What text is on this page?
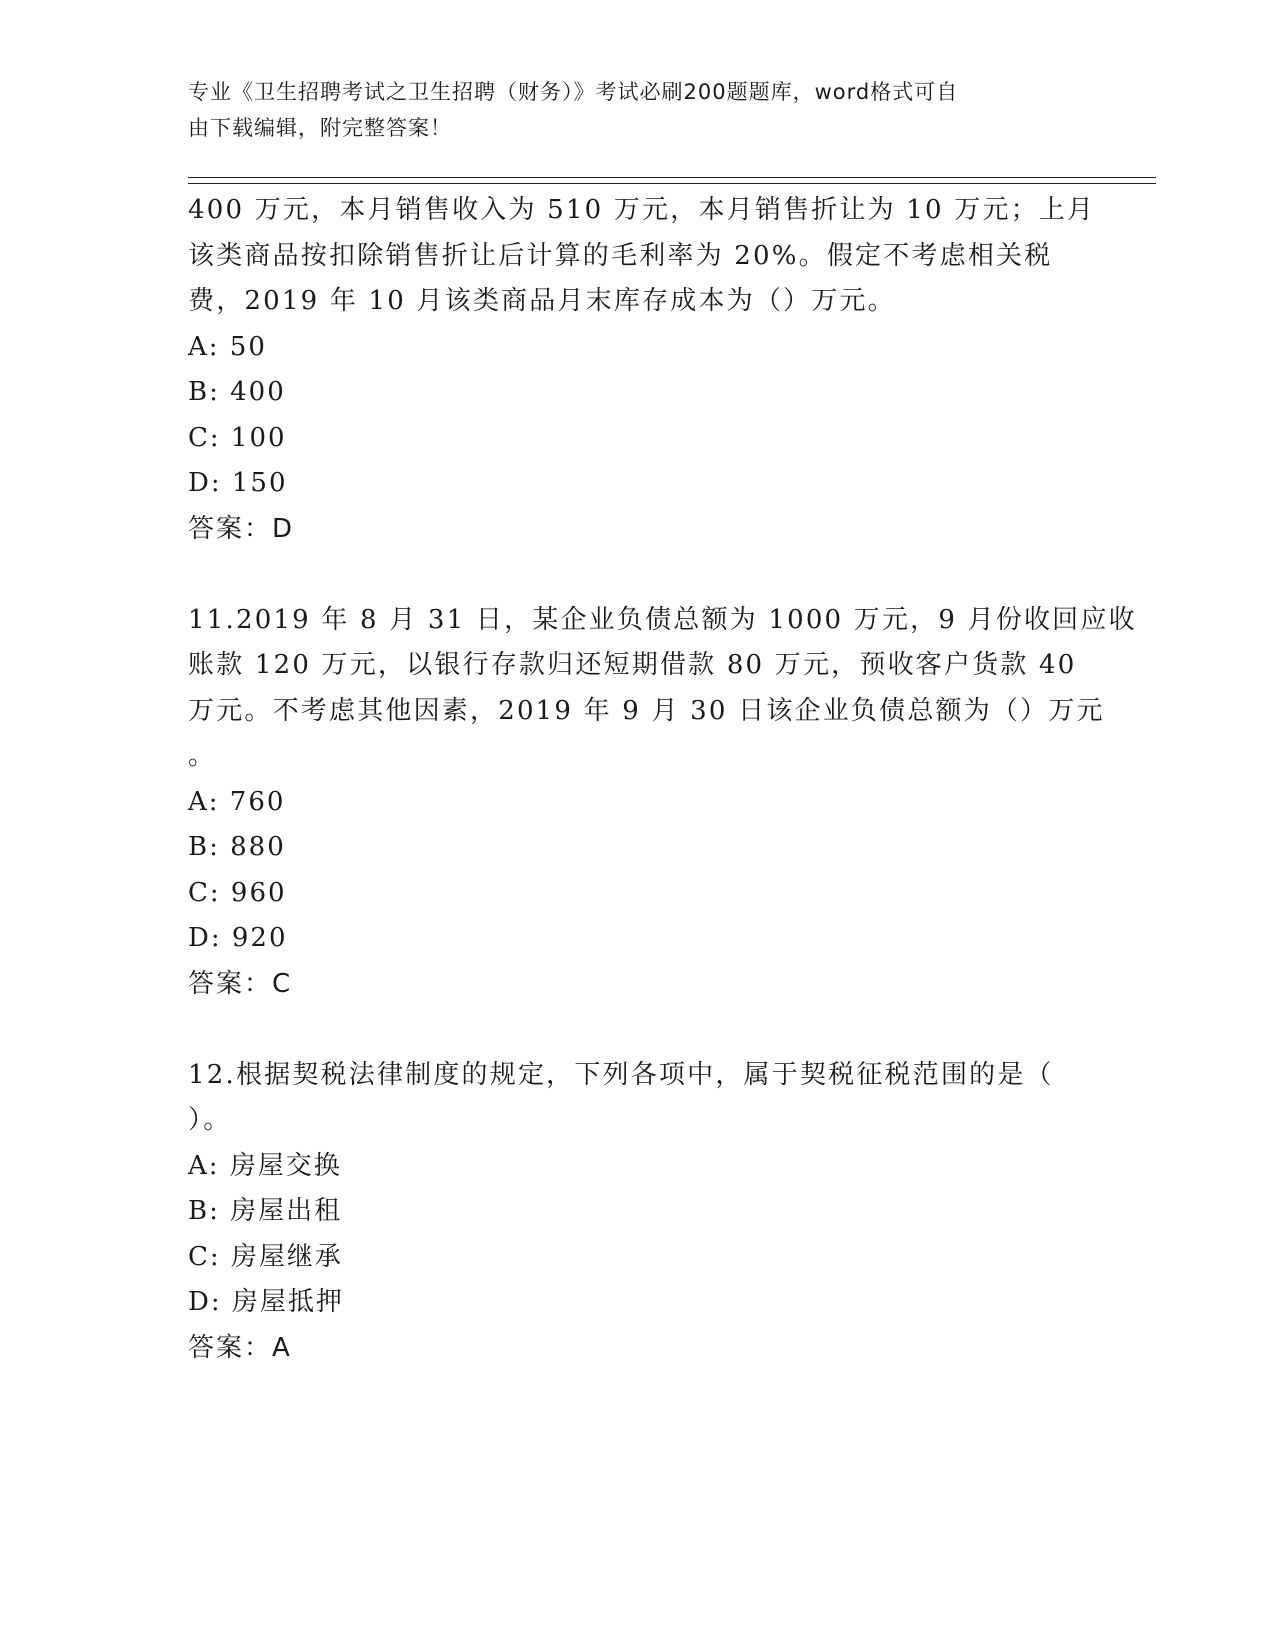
专业《卫生招聘考试之卫生招聘（财务）》考试必刷200题题库，word格式可自
由下载编辑，附完整答案！
400 万元，本月销售收入为 510 万元，本月销售折让为 10 万元；上月
该类商品按扣除销售折让后计算的毛利率为 20%。假定不考虑相关税
费，2019 年 10 月该类商品月末库存成本为（）万元。
A: 50
B: 400
C: 100
D: 150
答案：D
11.2019 年 8 月 31 日，某企业负债总额为 1000 万元，9 月份收回应收
账款 120 万元，以银行存款归还短期借款 80 万元，预收客户货款 40
万元。不考虑其他因素，2019 年 9 月 30 日该企业负债总额为（）万元
。
A: 760
B: 880
C: 960
D: 920
答案：C
12.根据契税法律制度的规定，下列各项中，属于契税征税范围的是（
）。
A: 房屋交换
B: 房屋出租
C: 房屋继承
D: 房屋抵押
答案：A
